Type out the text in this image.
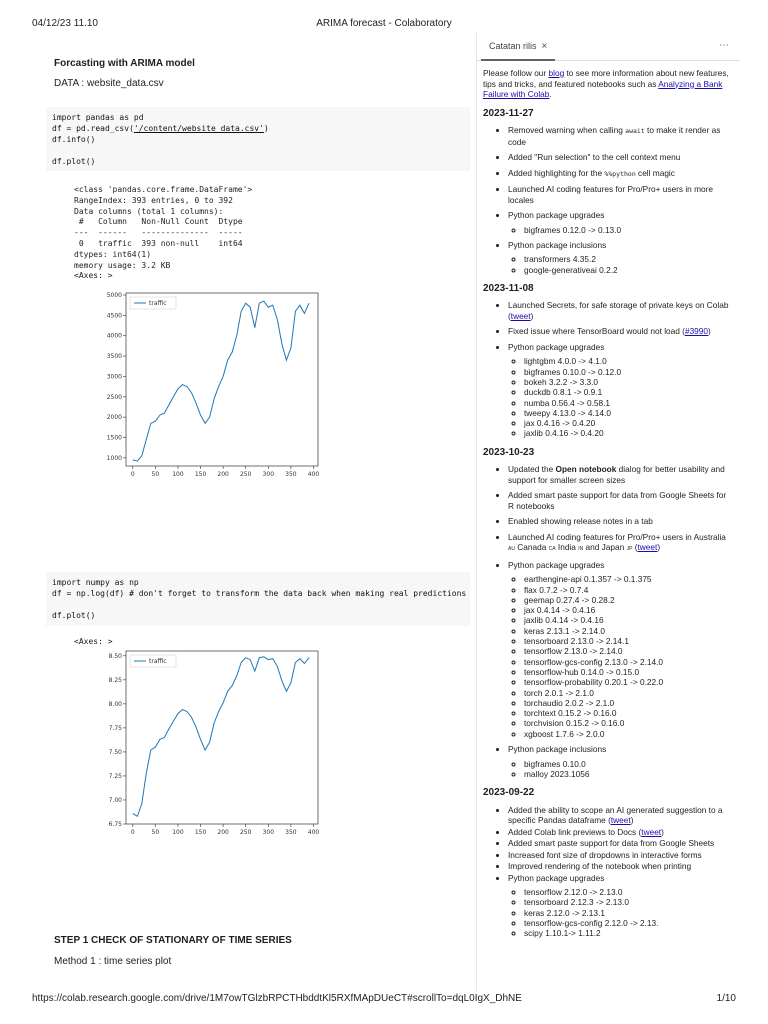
04/12/23 11.10	ARIMA forecast - Colaboratory
Forcasting with ARIMA model
DATA : website_data.csv
import pandas as pd
df = pd.read_csv('/content/website_data.csv')
df.info()

df.plot()
<class 'pandas.core.frame.DataFrame'>
RangeIndex: 393 entries, 0 to 392
Data columns (total 1 columns):
#   Column   Non-Null Count  Dtype
---  ------   --------------  -----
0   traffic  393 non-null    int64
dtypes: int64(1)
memory usage: 3.2 KB
<Axes: >
0	50 100 150 200 250 300 350 400
1000
1500
2000
2500
3000
3500
4000
4500
5000
traffic
import numpy as np
df = np.log(df) # don't forget to transform the data back when making real predictions

df.plot()
<Axes: >
0	50 100 150 200 250 300 350 400
6.75
7.00
7.25
7.50
7.75
8.00
8.25
8.50
traffic
STEP 1 CHECK OF STATIONARY OF TIME SERIES
Method 1 : time series plot
Catatan rilis ×	⋯
Please follow our blog to see more information about new features, tips and tricks, and featured notebooks such as Analyzing a Bank Failure with Colab.
2023-11-27
• Removed warning when calling await to make it render as code
• Added "Run selection" to the cell context menu
• Added highlighting for the %%python cell magic
• Launched AI coding features for Pro/Pro+ users in more locales
• Python package upgrades
◦ bigframes 0.12.0 -> 0.13.0
• Python package inclusions
◦ transformers 4.35.2
◦ google-generativeai 0.2.2
2023-11-08
• Launched Secrets, for safe storage of private keys on Colab (tweet)
• Fixed issue where TensorBoard would not load (#3990)
• Python package upgrades
◦ lightgbm 4.0.0 -> 4.1.0
◦ bigframes 0.10.0 -> 0.12.0
◦ bokeh 3.2.2 -> 3.3.0
◦ duckdb 0.8.1 -> 0.9.1
◦ numba 0.56.4 -> 0.58.1
◦ tweepy 4.13.0 -> 4.14.0
◦ jax 0.4.16 -> 0.4.20
◦ jaxlib 0.4.16 -> 0.4.20
2023-10-23
• Updated the Open notebook dialog for better usability and support for smaller screen sizes
• Added smart paste support for data from Google Sheets for R notebooks
• Enabled showing release notes in a tab
• Launched AI coding features for Pro/Pro+ users in Australia AU Canada CA India IN and Japan JP (tweet)
• Python package upgrades
◦ earthengine-api 0.1.357 -> 0.1.375
◦ flax 0.7.2 -> 0.7.4
◦ geemap 0.27.4 -> 0.28.2
◦ jax 0.4.14 -> 0.4.16
◦ jaxlib 0.4.14 -> 0.4.16
◦ keras 2.13.1 -> 2.14.0
◦ tensorboard 2.13.0 -> 2.14.1
◦ tensorflow 2.13.0 -> 2.14.0
◦ tensorflow-gcs-config 2.13.0 -> 2.14.0
◦ tensorflow-hub 0.14.0 -> 0.15.0
◦ tensorflow-probability 0.20.1 -> 0.22.0
◦ torch 2.0.1 -> 2.1.0
◦ torchaudio 2.0.2 -> 2.1.0
◦ torchtext 0.15.2 -> 0.16.0
◦ torchvision 0.15.2 -> 0.16.0
◦ xgboost 1.7.6 -> 2.0.0
• Python package inclusions
◦ bigframes 0.10.0
◦ malloy 2023.1056
2023-09-22
• Added the ability to scope an AI generated suggestion to a specific Pandas dataframe (tweet)
• Added Colab link previews to Docs (tweet)
• Added smart paste support for data from Google Sheets
• Increased font size of dropdowns in interactive forms
• Improved rendering of the notebook when printing
• Python package upgrades
◦ tensorflow 2.12.0 -> 2.13.0
◦ tensorboard 2.12.3 -> 2.13.0
◦ keras 2.12.0 -> 2.13.1
◦ tensorflow-gcs-config 2.12.0 -> 2.13.
◦ scipy 1.10.1-> 1.11.2
https://colab.research.google.com/drive/1M7owTGlzbRPCTHbddtKl5RXfMApDUeCT#scrollTo=dqL0IgX_DhNE	1/10
